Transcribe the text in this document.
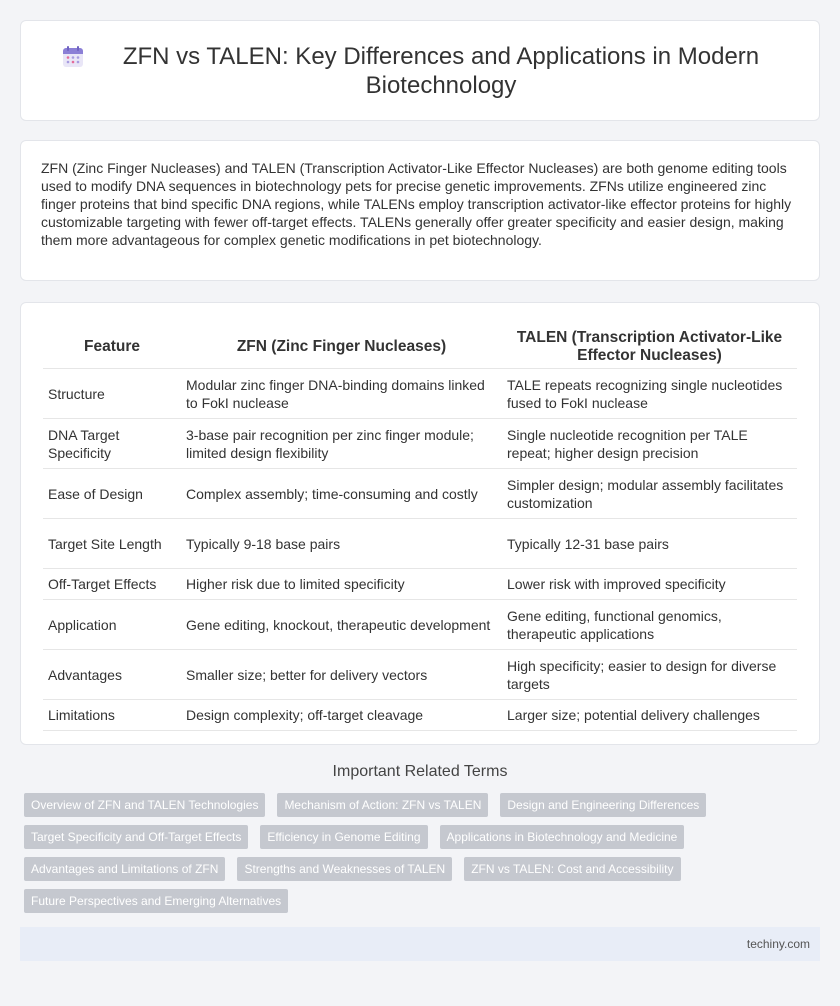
ZFN vs TALEN: Key Differences and Applications in Modern Biotechnology
ZFN (Zinc Finger Nucleases) and TALEN (Transcription Activator-Like Effector Nucleases) are both genome editing tools used to modify DNA sequences in biotechnology pets for precise genetic improvements. ZFNs utilize engineered zinc finger proteins that bind specific DNA regions, while TALENs employ transcription activator-like effector proteins for highly customizable targeting with fewer off-target effects. TALENs generally offer greater specificity and easier design, making them more advantageous for complex genetic modifications in pet biotechnology.
Feature	ZFN (Zinc Finger Nucleases)	TALEN (Transcription Activator-Like Effector Nucleases)
Structure	Modular zinc finger DNA-binding domains linked to FokI nuclease	TALE repeats recognizing single nucleotides fused to FokI nuclease
DNA Target Specificity	3-base pair recognition per zinc finger module; limited design flexibility	Single nucleotide recognition per TALE repeat; higher design precision
Ease of Design	Complex assembly; time-consuming and costly	Simpler design; modular assembly facilitates customization
Target Site Length	Typically 9-18 base pairs	Typically 12-31 base pairs
Off-Target Effects	Higher risk due to limited specificity	Lower risk with improved specificity
Application	Gene editing, knockout, therapeutic development	Gene editing, functional genomics, therapeutic applications
Advantages	Smaller size; better for delivery vectors	High specificity; easier to design for diverse targets
Limitations	Design complexity; off-target cleavage	Larger size; potential delivery challenges
Important Related Terms
Overview of ZFN and TALEN Technologies	Mechanism of Action: ZFN vs TALEN	Design and Engineering Differences
Target Specificity and Off-Target Effects	Efficiency in Genome Editing	Applications in Biotechnology and Medicine
Advantages and Limitations of ZFN	Strengths and Weaknesses of TALEN	ZFN vs TALEN: Cost and Accessibility
Future Perspectives and Emerging Alternatives
techiny.com
